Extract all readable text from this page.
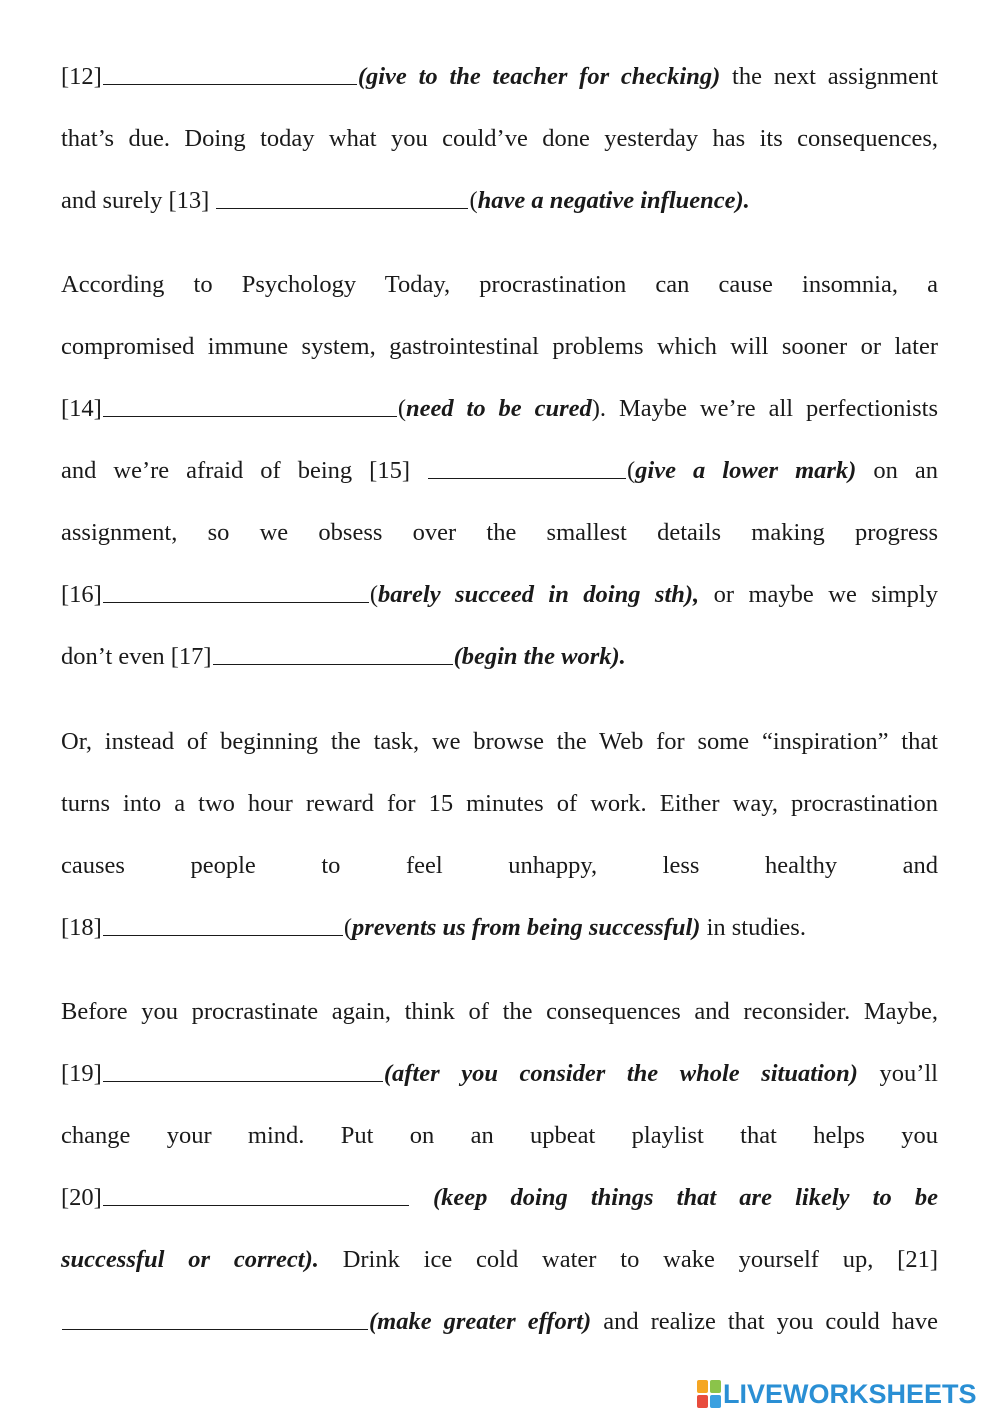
[12]	(give to the teacher for checking) the next assignment
that’s due. Doing today what you could’ve done yesterday has its consequences,
and surely [13]	(have a negative influence).
According to Psychology Today, procrastination can cause insomnia, a
compromised immune system, gastrointestinal problems which will sooner or later
[14]	(need to be cured). Maybe we’re all perfectionists
and we’re afraid of being [15]	(give a lower mark) on an
assignment, so we obsess over the smallest details making progress
[16]	(barely succeed in doing sth), or maybe we simply
don’t even [17]	(begin the work).
Or, instead of beginning the task, we browse the Web for some “inspiration” that
turns into a two hour reward for 15 minutes of work. Either way, procrastination
causes people to feel unhappy, less healthy and
[18]	(prevents us from being successful) in studies.
Before you procrastinate again, think of the consequences and reconsider. Maybe,
[19]	(after you consider the whole situation) you’ll
change your mind. Put on an upbeat playlist that helps you
[20]	(keep doing things that are likely to be
successful or correct). Drink ice cold water to wake yourself up, [21]
(make greater effort) and realize that you could have
LIVEWORKSHEETS
